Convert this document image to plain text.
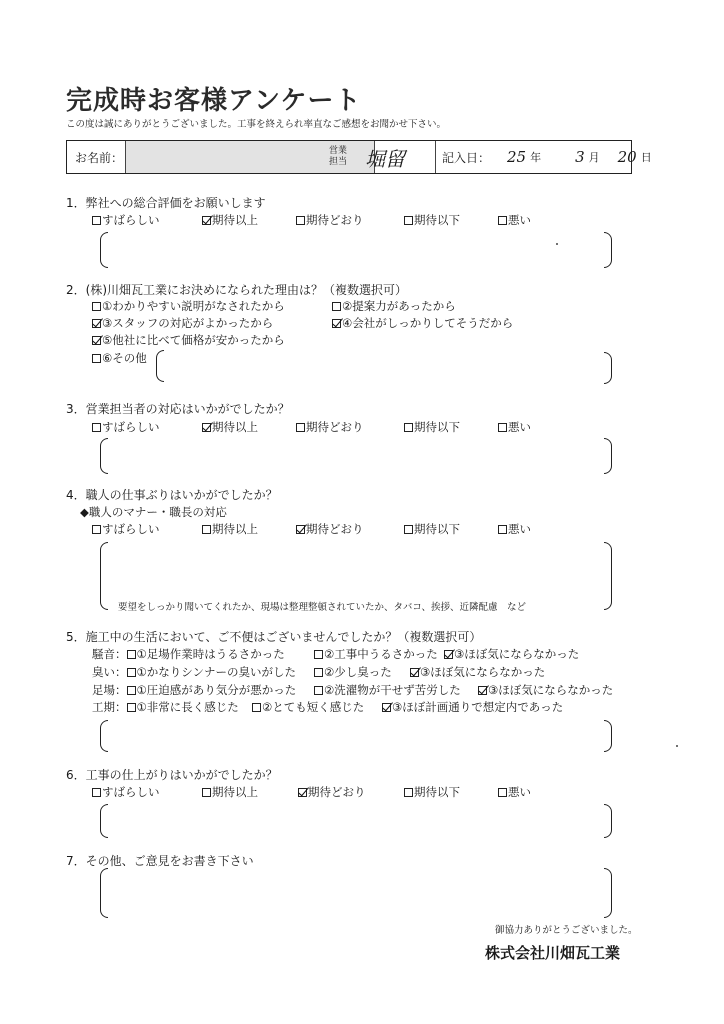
完成時お客様アンケート
この度は誠にありがとうございました。工事を終えられ率直なご感想をお聞かせ下さい。
お名前：	営業
担当 堀留	記入日： 25 年 3 月 20 日
1．弊社への総合評価をお願いします
すばらしい	期待以上	期待どおり	期待以下	悪い
2．(株)川畑瓦工業にお決めになられた理由は？（複数選択可）
①わかりやすい説明がなされたから	②提案力があったから
③スタッフの対応がよかったから	④会社がしっかりしてそうだから
⑤他社に比べて価格が安かったから
⑥その他
3．営業担当者の対応はいかがでしたか？
すばらしい	期待以上	期待どおり	期待以下	悪い
4．職人の仕事ぶりはいかがでしたか？
◆職人のマナー・職長の対応
すばらしい	期待以上	期待どおり	期待以下	悪い
要望をしっかり聞いてくれたか、現場は整理整頓されていたか、タバコ、挨拶、近隣配慮　など
5．施工中の生活において、ご不便はございませんでしたか？（複数選択可）
騒音： ①足場作業時はうるさかった	②工事中うるさかった	③ほぼ気にならなかった
臭い： ①かなりシンナーの臭いがした	②少し臭った	③ほぼ気にならなかった
足場： ①圧迫感があり気分が悪かった	②洗濯物が干せず苦労した	③ほぼ気にならなかった
工期： ①非常に長く感じた	②とても短く感じた	③ほぼ計画通りで想定内であった
6．工事の仕上がりはいかがでしたか？
すばらしい	期待以上	期待どおり	期待以下	悪い
7．その他、ご意見をお書き下さい
御協力ありがとうございました。
株式会社川畑瓦工業
